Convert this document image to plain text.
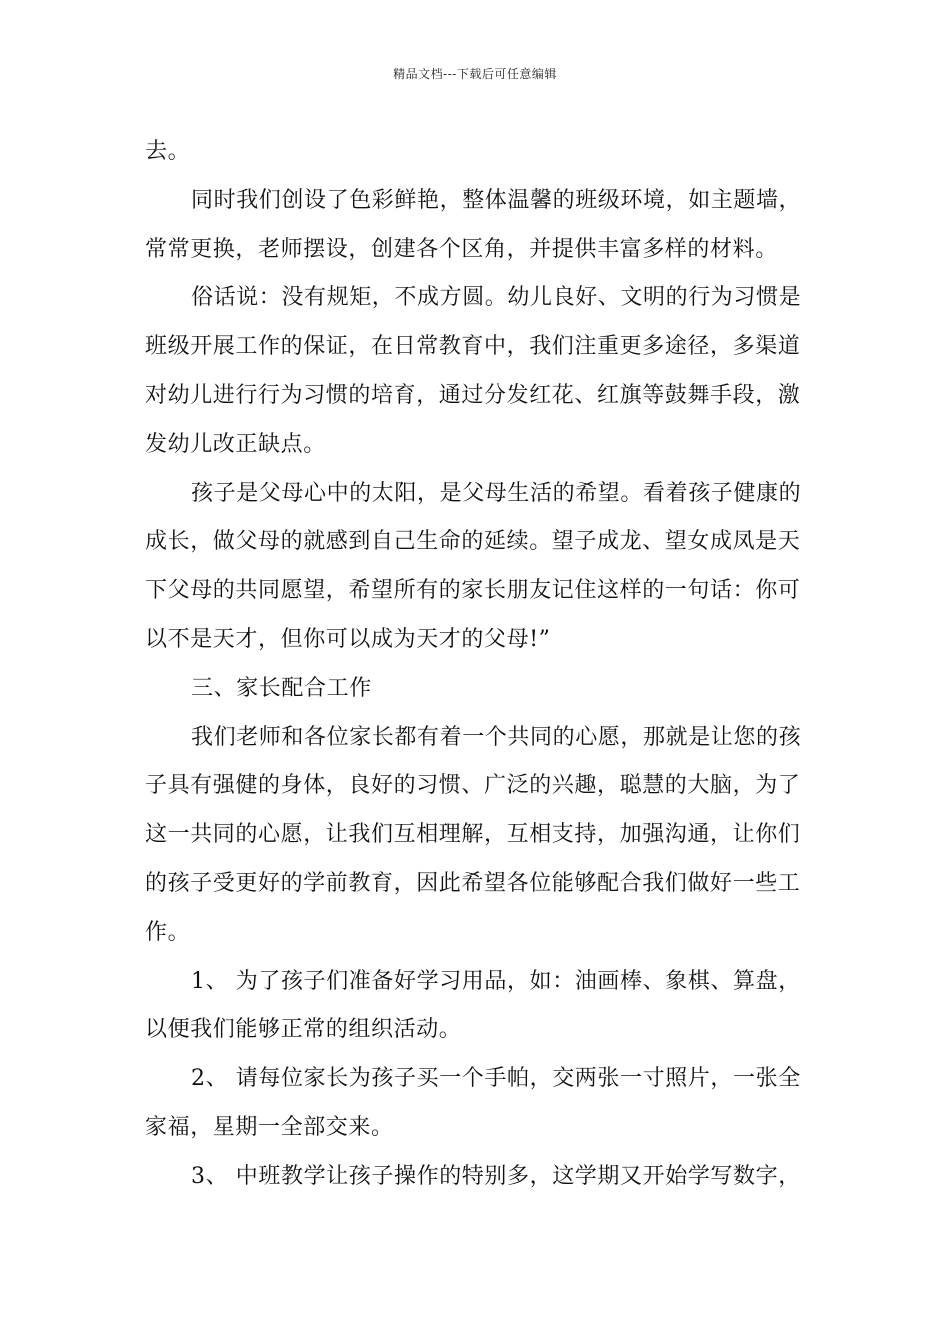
精品文档---下载后可任意编辑
去。
同时我们创设了色彩鲜艳，整体温馨的班级环境，如主题墙，
常常更换，老师摆设，创建各个区角，并提供丰富多样的材料。
俗话说：没有规矩，不成方圆。幼儿良好、文明的行为习惯是
班级开展工作的保证，在日常教育中，我们注重更多途径，多渠道
对幼儿进行行为习惯的培育，通过分发红花、红旗等鼓舞手段，激
发幼儿改正缺点。
孩子是父母心中的太阳，是父母生活的希望。看着孩子健康的
成长，做父母的就感到自己生命的延续。望子成龙、望女成凤是天
下父母的共同愿望，希望所有的家长朋友记住这样的一句话：你可
以不是天才，但你可以成为天才的父母!”
三、家长配合工作
我们老师和各位家长都有着一个共同的心愿，那就是让您的孩
子具有强健的身体，良好的习惯、广泛的兴趣，聪慧的大脑，为了
这一共同的心愿，让我们互相理解，互相支持，加强沟通，让你们
的孩子受更好的学前教育，因此希望各位能够配合我们做好一些工
作。
1、 为了孩子们准备好学习用品，如：油画棒、象棋、算盘，
以便我们能够正常的组织活动。
2、 请每位家长为孩子买一个手帕，交两张一寸照片，一张全
家福，星期一全部交来。
3、 中班教学让孩子操作的特别多，这学期又开始学写数字，
